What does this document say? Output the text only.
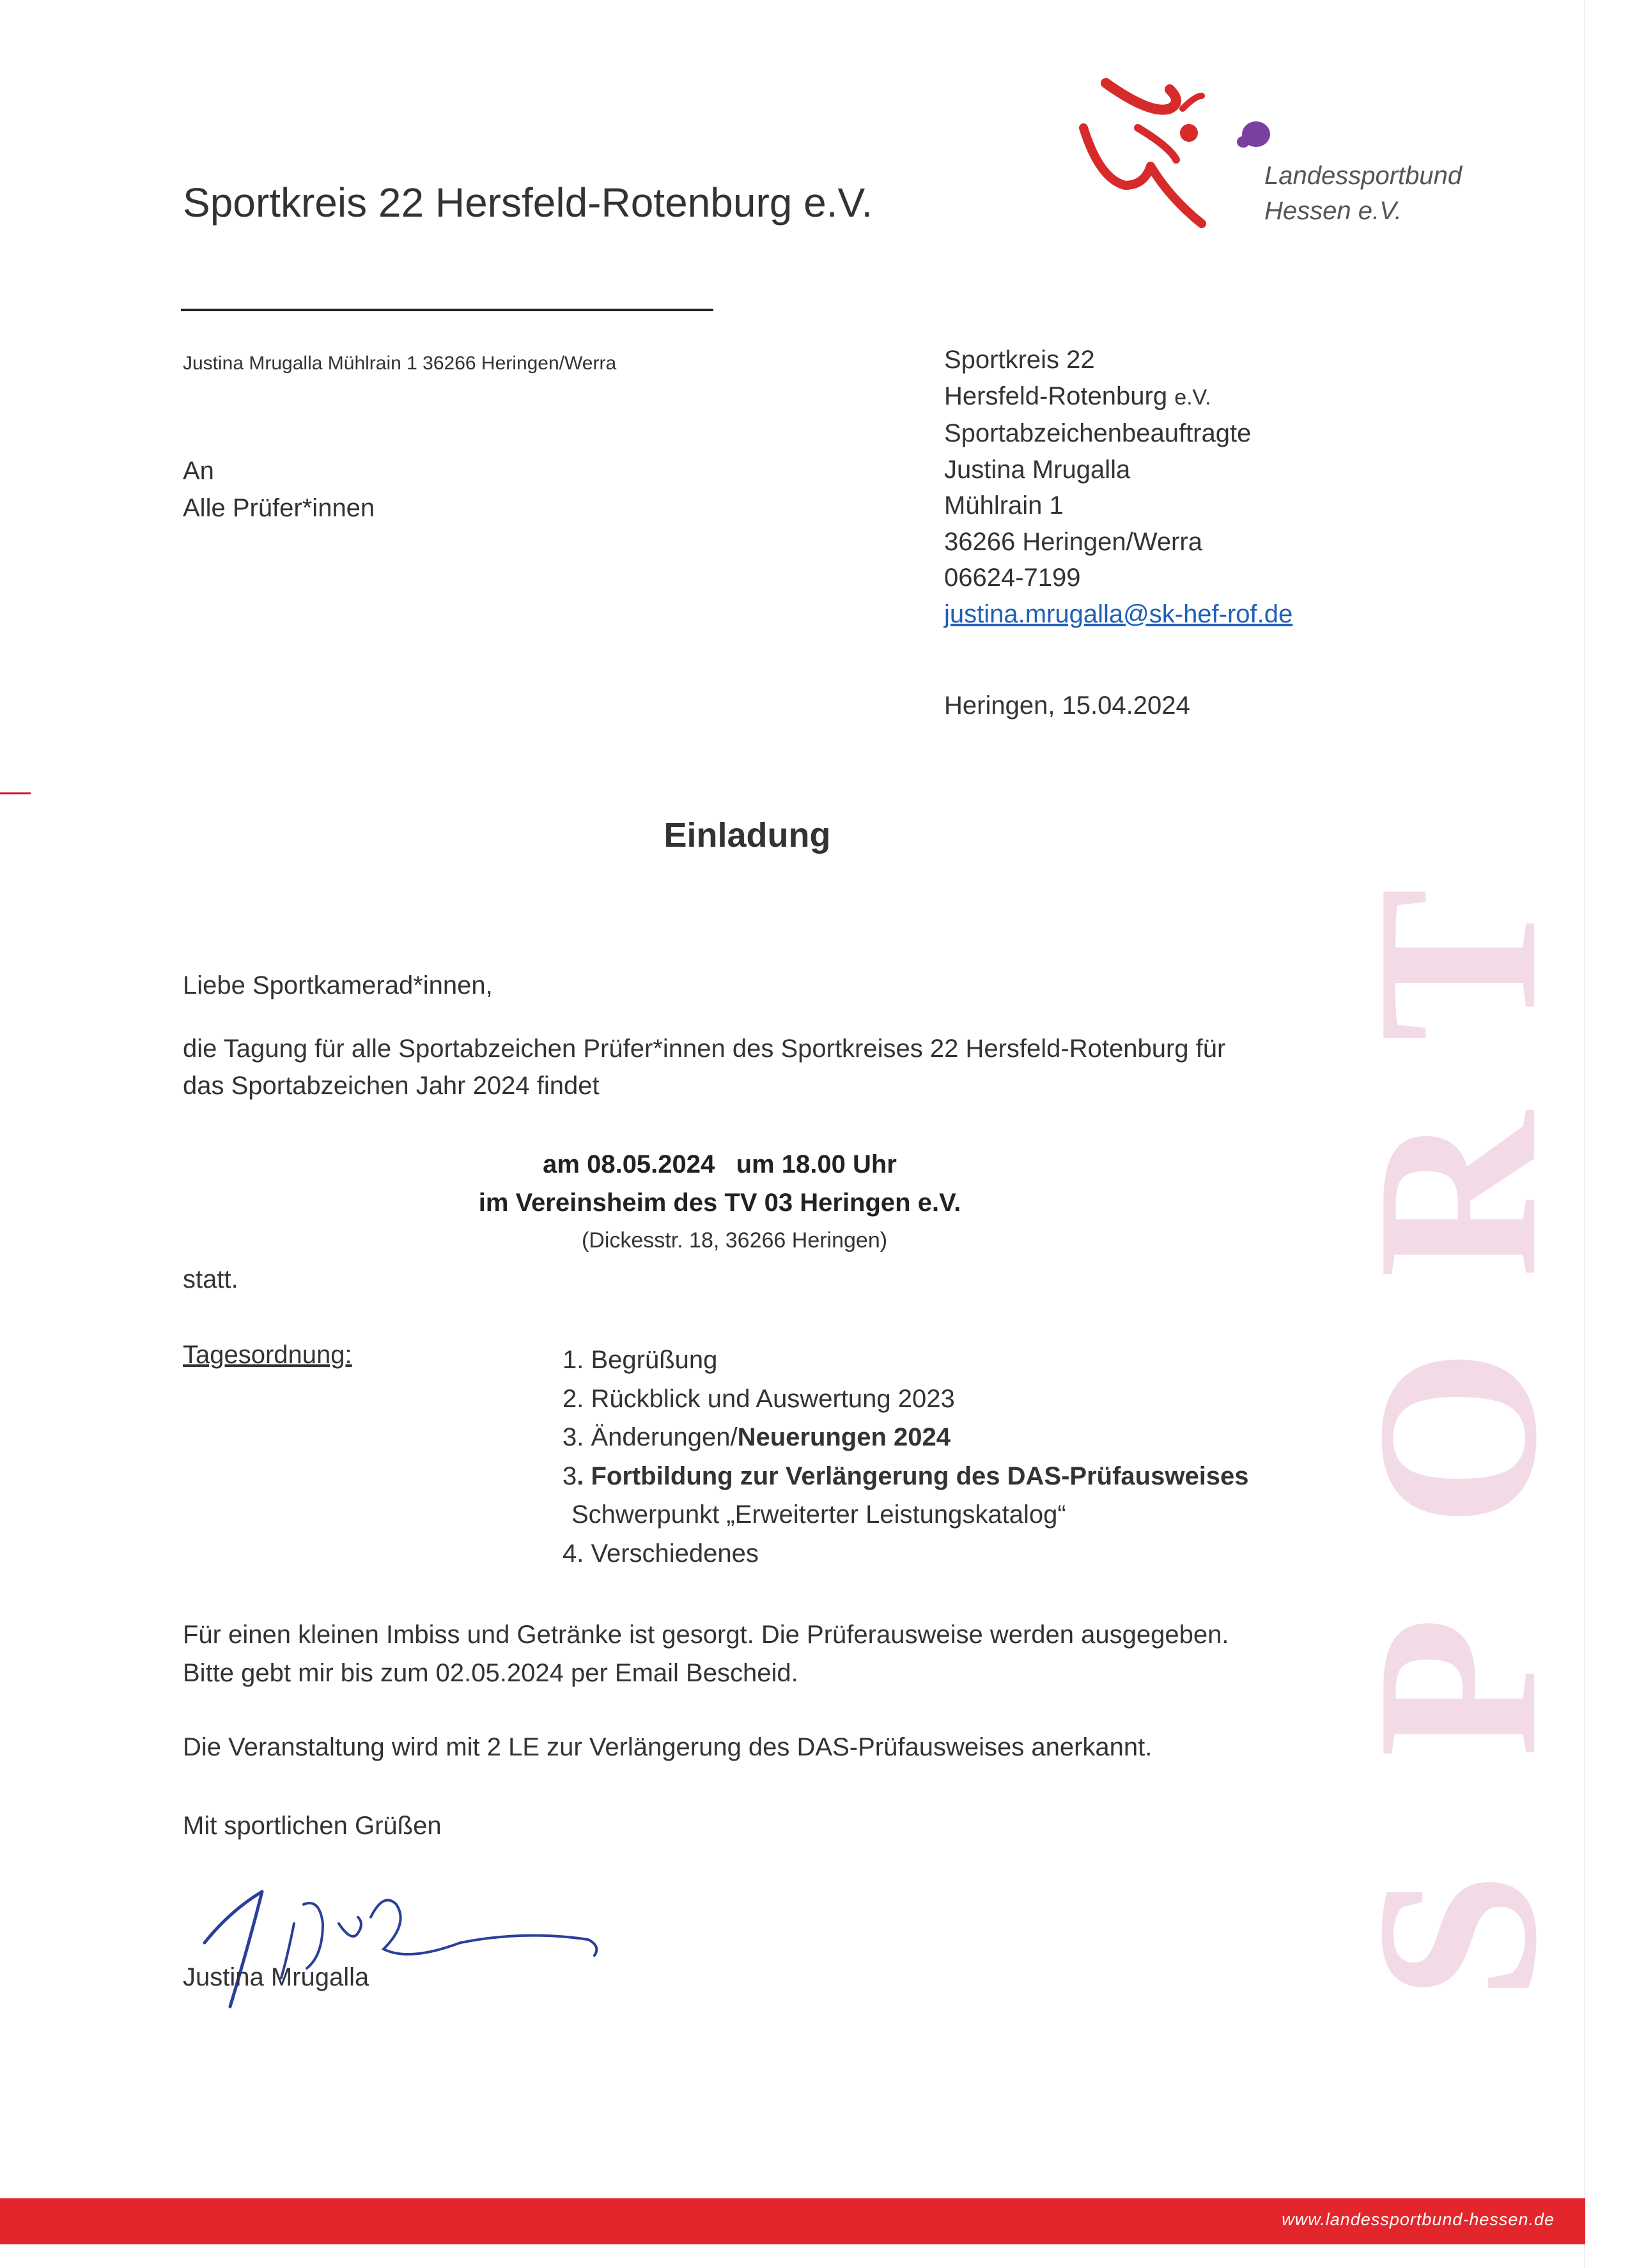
Sportkreis 22 Hersfeld-Rotenburg e.V.
Justina Mrugalla Mühlrain 1 36266 Heringen/Werra
Landessportbund
Hessen e.V.
An
Alle Prüfer*innen
Sportkreis 22
Hersfeld-Rotenburg e.V.
Sportabzeichenbeauftragte
Justina Mrugalla
Mühlrain 1
36266 Heringen/Werra
06624-7199
justina.mrugalla@sk-hef-rof.de
Heringen, 15.04.2024
Einladung
Liebe Sportkamerad*innen,
die Tagung für alle Sportabzeichen Prüfer*innen des Sportkreises 22 Hersfeld-Rotenburg für
das Sportabzeichen Jahr 2024 findet
am 08.05.2024   um 18.00 Uhr
im Vereinsheim des TV 03 Heringen e.V.
(Dickesstr. 18, 36266 Heringen)
statt.
Tagesordnung:	1. Begrüßung
2. Rückblick und Auswertung 2023
3. Änderungen/Neuerungen 2024
3. Fortbildung zur Verlängerung des DAS-Prüfausweises
Schwerpunkt „Erweiterter Leistungskatalog“
4. Verschiedenes
Für einen kleinen Imbiss und Getränke ist gesorgt. Die Prüferausweise werden ausgegeben.
Bitte gebt mir bis zum 02.05.2024 per Email Bescheid.
Die Veranstaltung wird mit 2 LE zur Verlängerung des DAS-Prüfausweises anerkannt.
Mit sportlichen Grüßen
Justina Mrugalla	S
P
O
R
T
www.landessportbund-hessen.de
